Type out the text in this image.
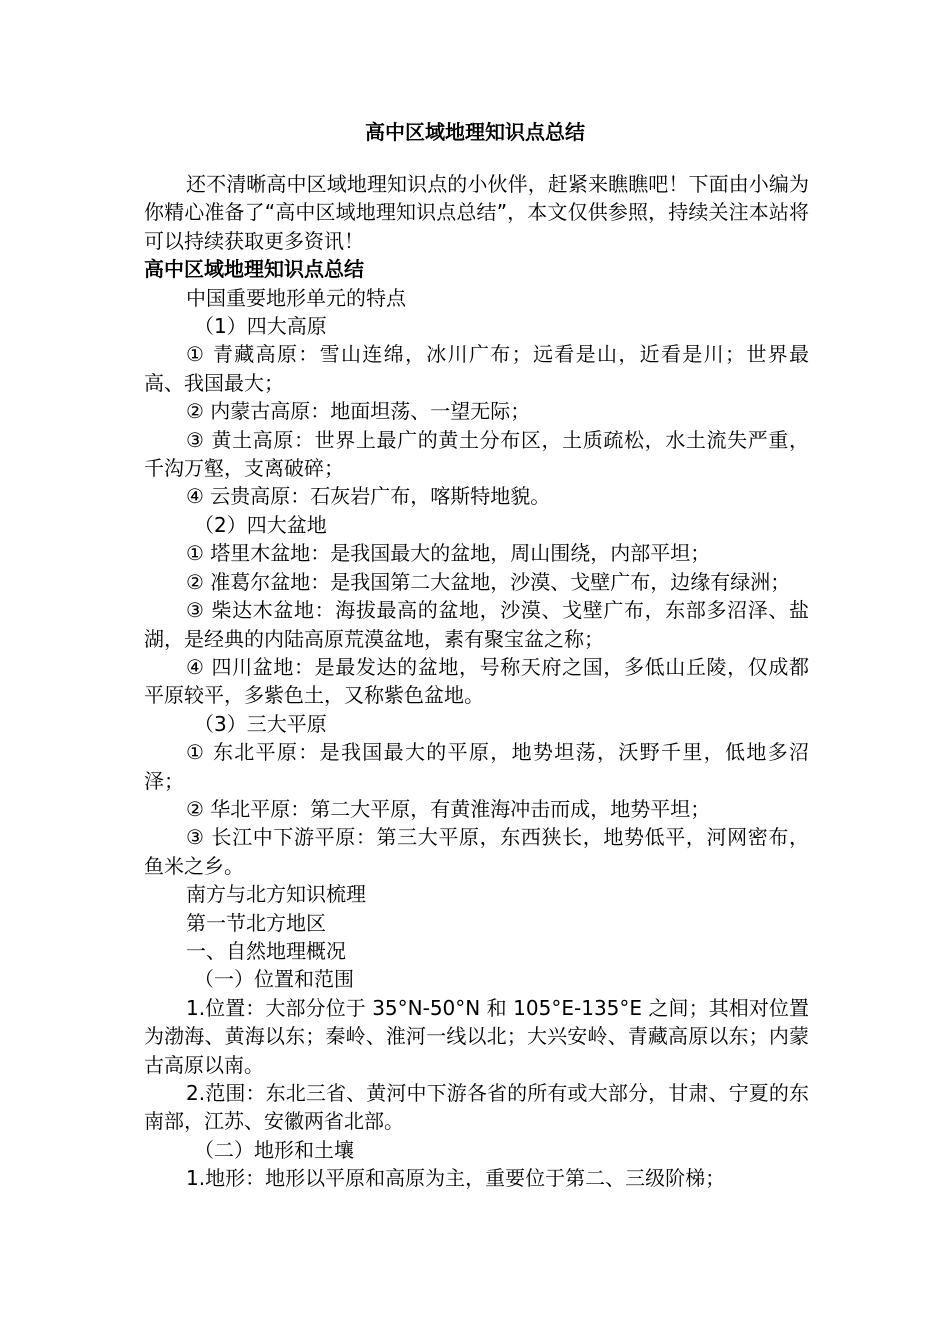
高中区域地理知识点总结

还不清晰高中区域地理知识点的小伙伴，赶紧来瞧瞧吧！下面由小编为你精心准备了“高中区域地理知识点总结”，本文仅供参照，持续关注本站将可以持续获取更多资讯！

高中区域地理知识点总结

中国重要地形单元的特点

（1）四大高原

① 青藏高原：雪山连绵，冰川广布；远看是山，近看是川；世界最高、我国最大；

② 内蒙古高原：地面坦荡、一望无际；

③ 黄土高原：世界上最广的黄土分布区，土质疏松，水土流失严重，千沟万壑，支离破碎；

④ 云贵高原：石灰岩广布，喀斯特地貌。

（2）四大盆地

① 塔里木盆地：是我国最大的盆地，周山围绕，内部平坦；

② 准葛尔盆地：是我国第二大盆地，沙漠、戈壁广布，边缘有绿洲；

③ 柴达木盆地：海拔最高的盆地，沙漠、戈壁广布，东部多沼泽、盐湖，是经典的内陆高原荒漠盆地，素有聚宝盆之称；

④ 四川盆地：是最发达的盆地，号称天府之国，多低山丘陵，仅成都平原较平，多紫色土，又称紫色盆地。

（3）三大平原

① 东北平原：是我国最大的平原，地势坦荡，沃野千里，低地多沼泽；

② 华北平原：第二大平原，有黄淮海冲击而成，地势平坦；

③ 长江中下游平原：第三大平原，东西狭长，地势低平，河网密布，鱼米之乡。

南方与北方知识梳理

第一节北方地区

一、自然地理概况

（一）位置和范围

1.位置：大部分位于 35°N-50°N 和 105°E-135°E 之间；其相对位置为渤海、黄海以东；秦岭、淮河一线以北；大兴安岭、青藏高原以东；内蒙古高原以南。

2.范围：东北三省、黄河中下游各省的所有或大部分，甘肃、宁夏的东南部，江苏、安徽两省北部。

（二）地形和土壤

1.地形：地形以平原和高原为主，重要位于第二、三级阶梯；
